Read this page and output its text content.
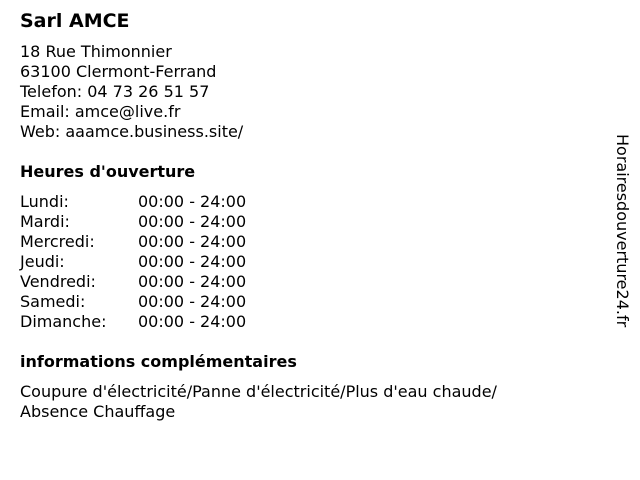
Sarl AMCE
18 Rue Thimonnier
63100 Clermont-Ferrand
Telefon: 04 73 26 51 57
Email: amce@live.fr
Web: aaamce.business.site/
Heures d'ouverture
Lundi:	00:00 - 24:00
Mardi:	00:00 - 24:00
Mercredi:	00:00 - 24:00
Jeudi:	00:00 - 24:00
Vendredi:	00:00 - 24:00
Samedi:	00:00 - 24:00
Dimanche:	00:00 - 24:00
informations complémentaires
Coupure d'électricité/Panne d'électricité/Plus d'eau chaude/Absence Chauffage
Horairesdouverture24.fr
